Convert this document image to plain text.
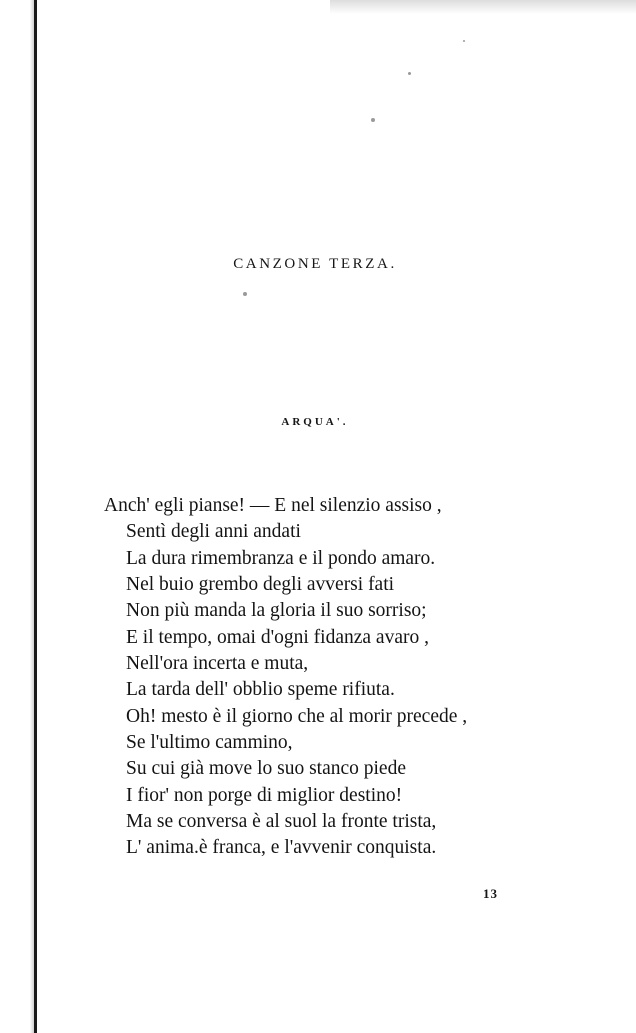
CANZONE TERZA.
ARQUA'.
Anch' egli pianse! — E nel silenzio assiso ,
Sentì degli anni andati
La dura rimembranza e il pondo amaro.
Nel buio grembo degli avversi fati
Non più manda la gloria il suo sorriso;
E il tempo, omai d'ogni fidanza avaro ,
Nell'ora incerta e muta,
La tarda dell' obblio speme rifiuta.
Oh! mesto è il giorno che al morir precede ,
Se l'ultimo cammino,
Su cui già move lo suo stanco piede
I fior' non porge di miglior destino!
Ma se conversa è al suol la fronte trista,
L' anima.è franca, e l'avvenir conquista.
13
